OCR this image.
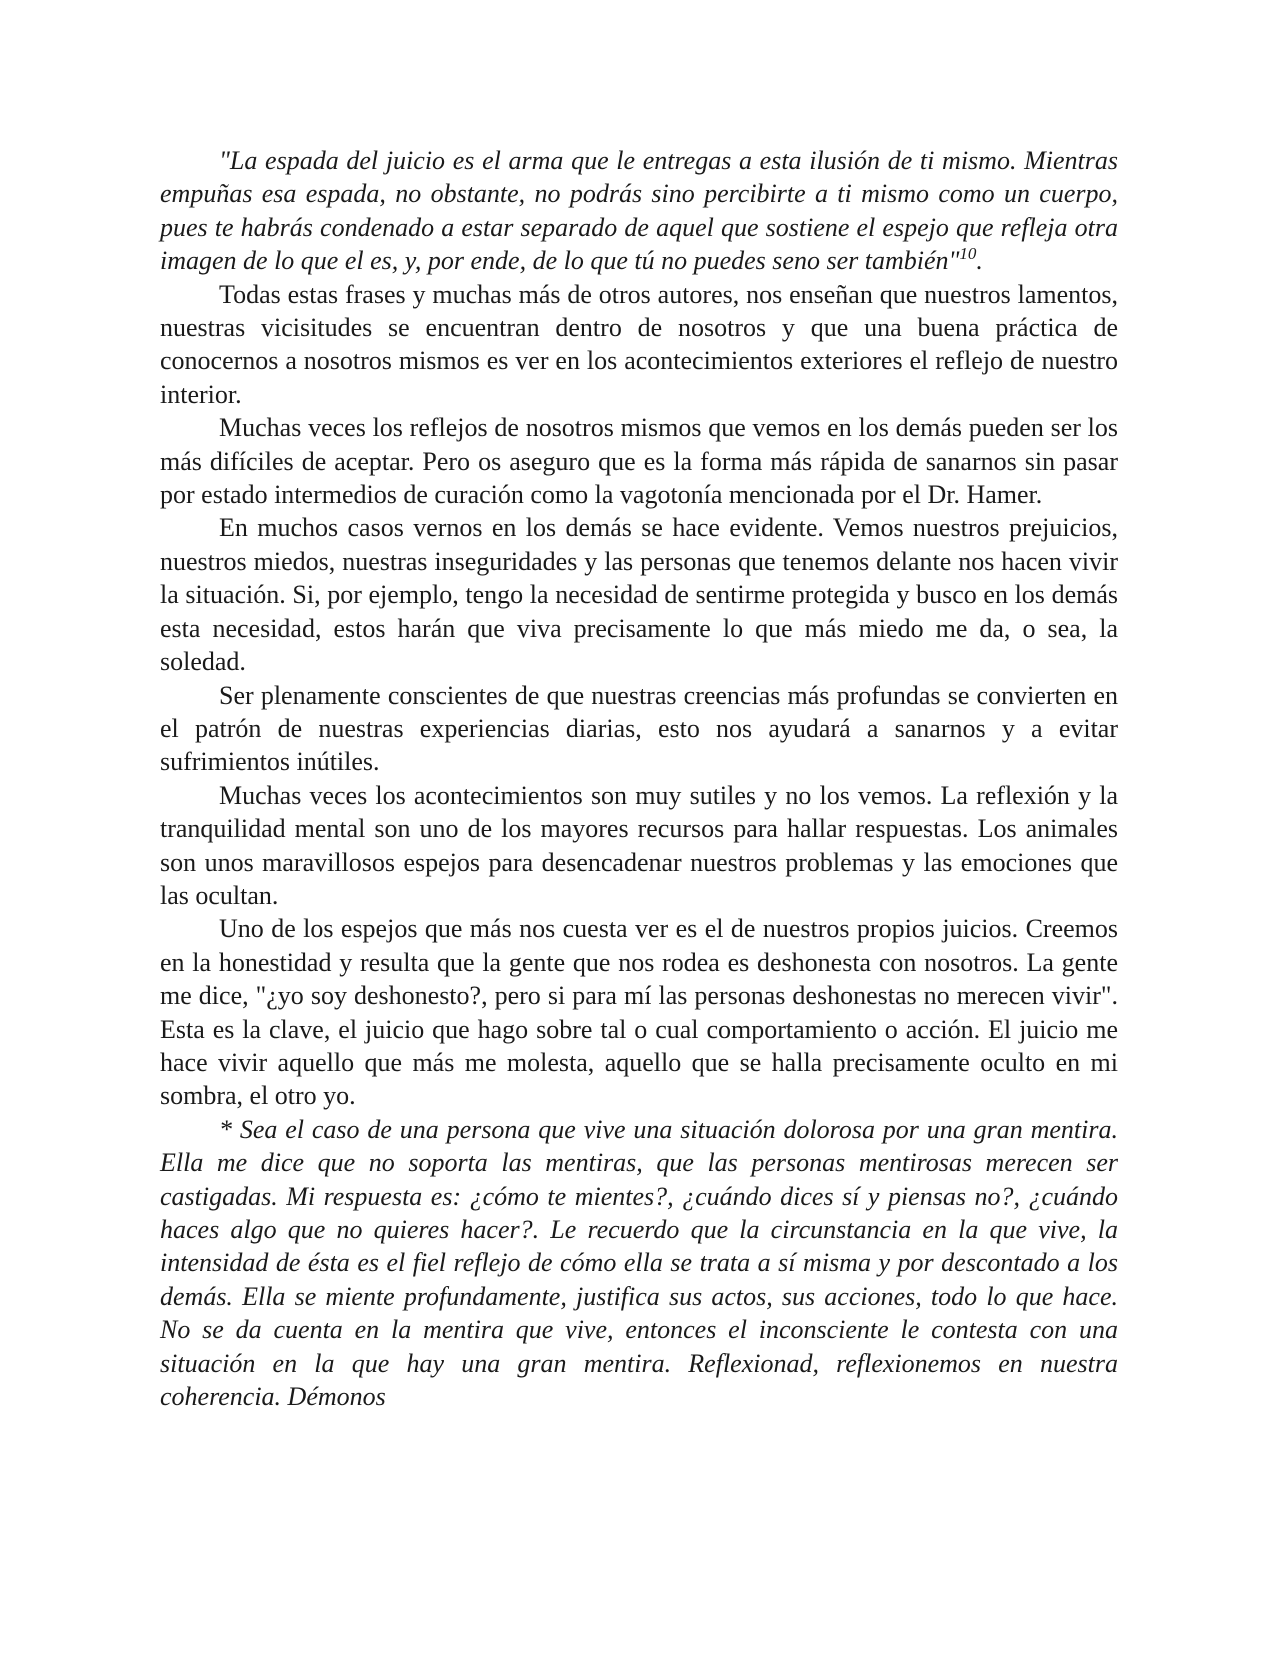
"La espada del juicio es el arma que le entregas a esta ilusión de ti mismo. Mientras empuñas esa espada, no obstante, no podrás sino percibirte a ti mismo como un cuerpo, pues te habrás condenado a estar separado de aquel que sostiene el espejo que refleja otra imagen de lo que el es, y, por ende, de lo que tú no puedes seno ser también"$^{10}$.

Todas estas frases y muchas más de otros autores, nos enseñan que nuestros lamentos, nuestras vicisitudes se encuentran dentro de nosotros y que una buena práctica de conocernos a nosotros mismos es ver en los acontecimientos exteriores el reflejo de nuestro interior.

Muchas veces los reflejos de nosotros mismos que vemos en los demás pueden ser los más difíciles de aceptar. Pero os aseguro que es la forma más rápida de sanarnos sin pasar por estado intermedios de curación como la vagotonía mencionada por el Dr. Hamer.

En muchos casos vernos en los demás se hace evidente. Vemos nuestros prejuicios, nuestros miedos, nuestras inseguridades y las personas que tenemos delante nos hacen vivir la situación. Si, por ejemplo, tengo la necesidad de sentirme protegida y busco en los demás esta necesidad, estos harán que viva precisamente lo que más miedo me da, o sea, la soledad.

Ser plenamente conscientes de que nuestras creencias más profundas se convierten en el patrón de nuestras experiencias diarias, esto nos ayudará a sanarnos y a evitar sufrimientos inútiles.

Muchas veces los acontecimientos son muy sutiles y no los vemos. La reflexión y la tranquilidad mental son uno de los mayores recursos para hallar respuestas. Los animales son unos maravillosos espejos para desencadenar nuestros problemas y las emociones que las ocultan.

Uno de los espejos que más nos cuesta ver es el de nuestros propios juicios. Creemos en la honestidad y resulta que la gente que nos rodea es deshonesta con nosotros. La gente me dice, "¿yo soy deshonesto?, pero si para mí las personas deshonestas no merecen vivir". Esta es la clave, el juicio que hago sobre tal o cual comportamiento o acción. El juicio me hace vivir aquello que más me molesta, aquello que se halla precisamente oculto en mi sombra, el otro yo.

* Sea el caso de una persona que vive una situación dolorosa por una gran mentira. Ella me dice que no soporta las mentiras, que las personas mentirosas merecen ser castigadas. Mi respuesta es: ¿cómo te mientes?, ¿cuándo dices sí y piensas no?, ¿cuándo haces algo que no quieres hacer?. Le recuerdo que la circunstancia en la que vive, la intensidad de ésta es el fiel reflejo de cómo ella se trata a sí misma y por descontado a los demás. Ella se miente profundamente, justifica sus actos, sus acciones, todo lo que hace. No se da cuenta en la mentira que vive, entonces el inconsciente le contesta con una situación en la que hay una gran mentira. Reflexionad, reflexionemos en nuestra coherencia. Démonos
